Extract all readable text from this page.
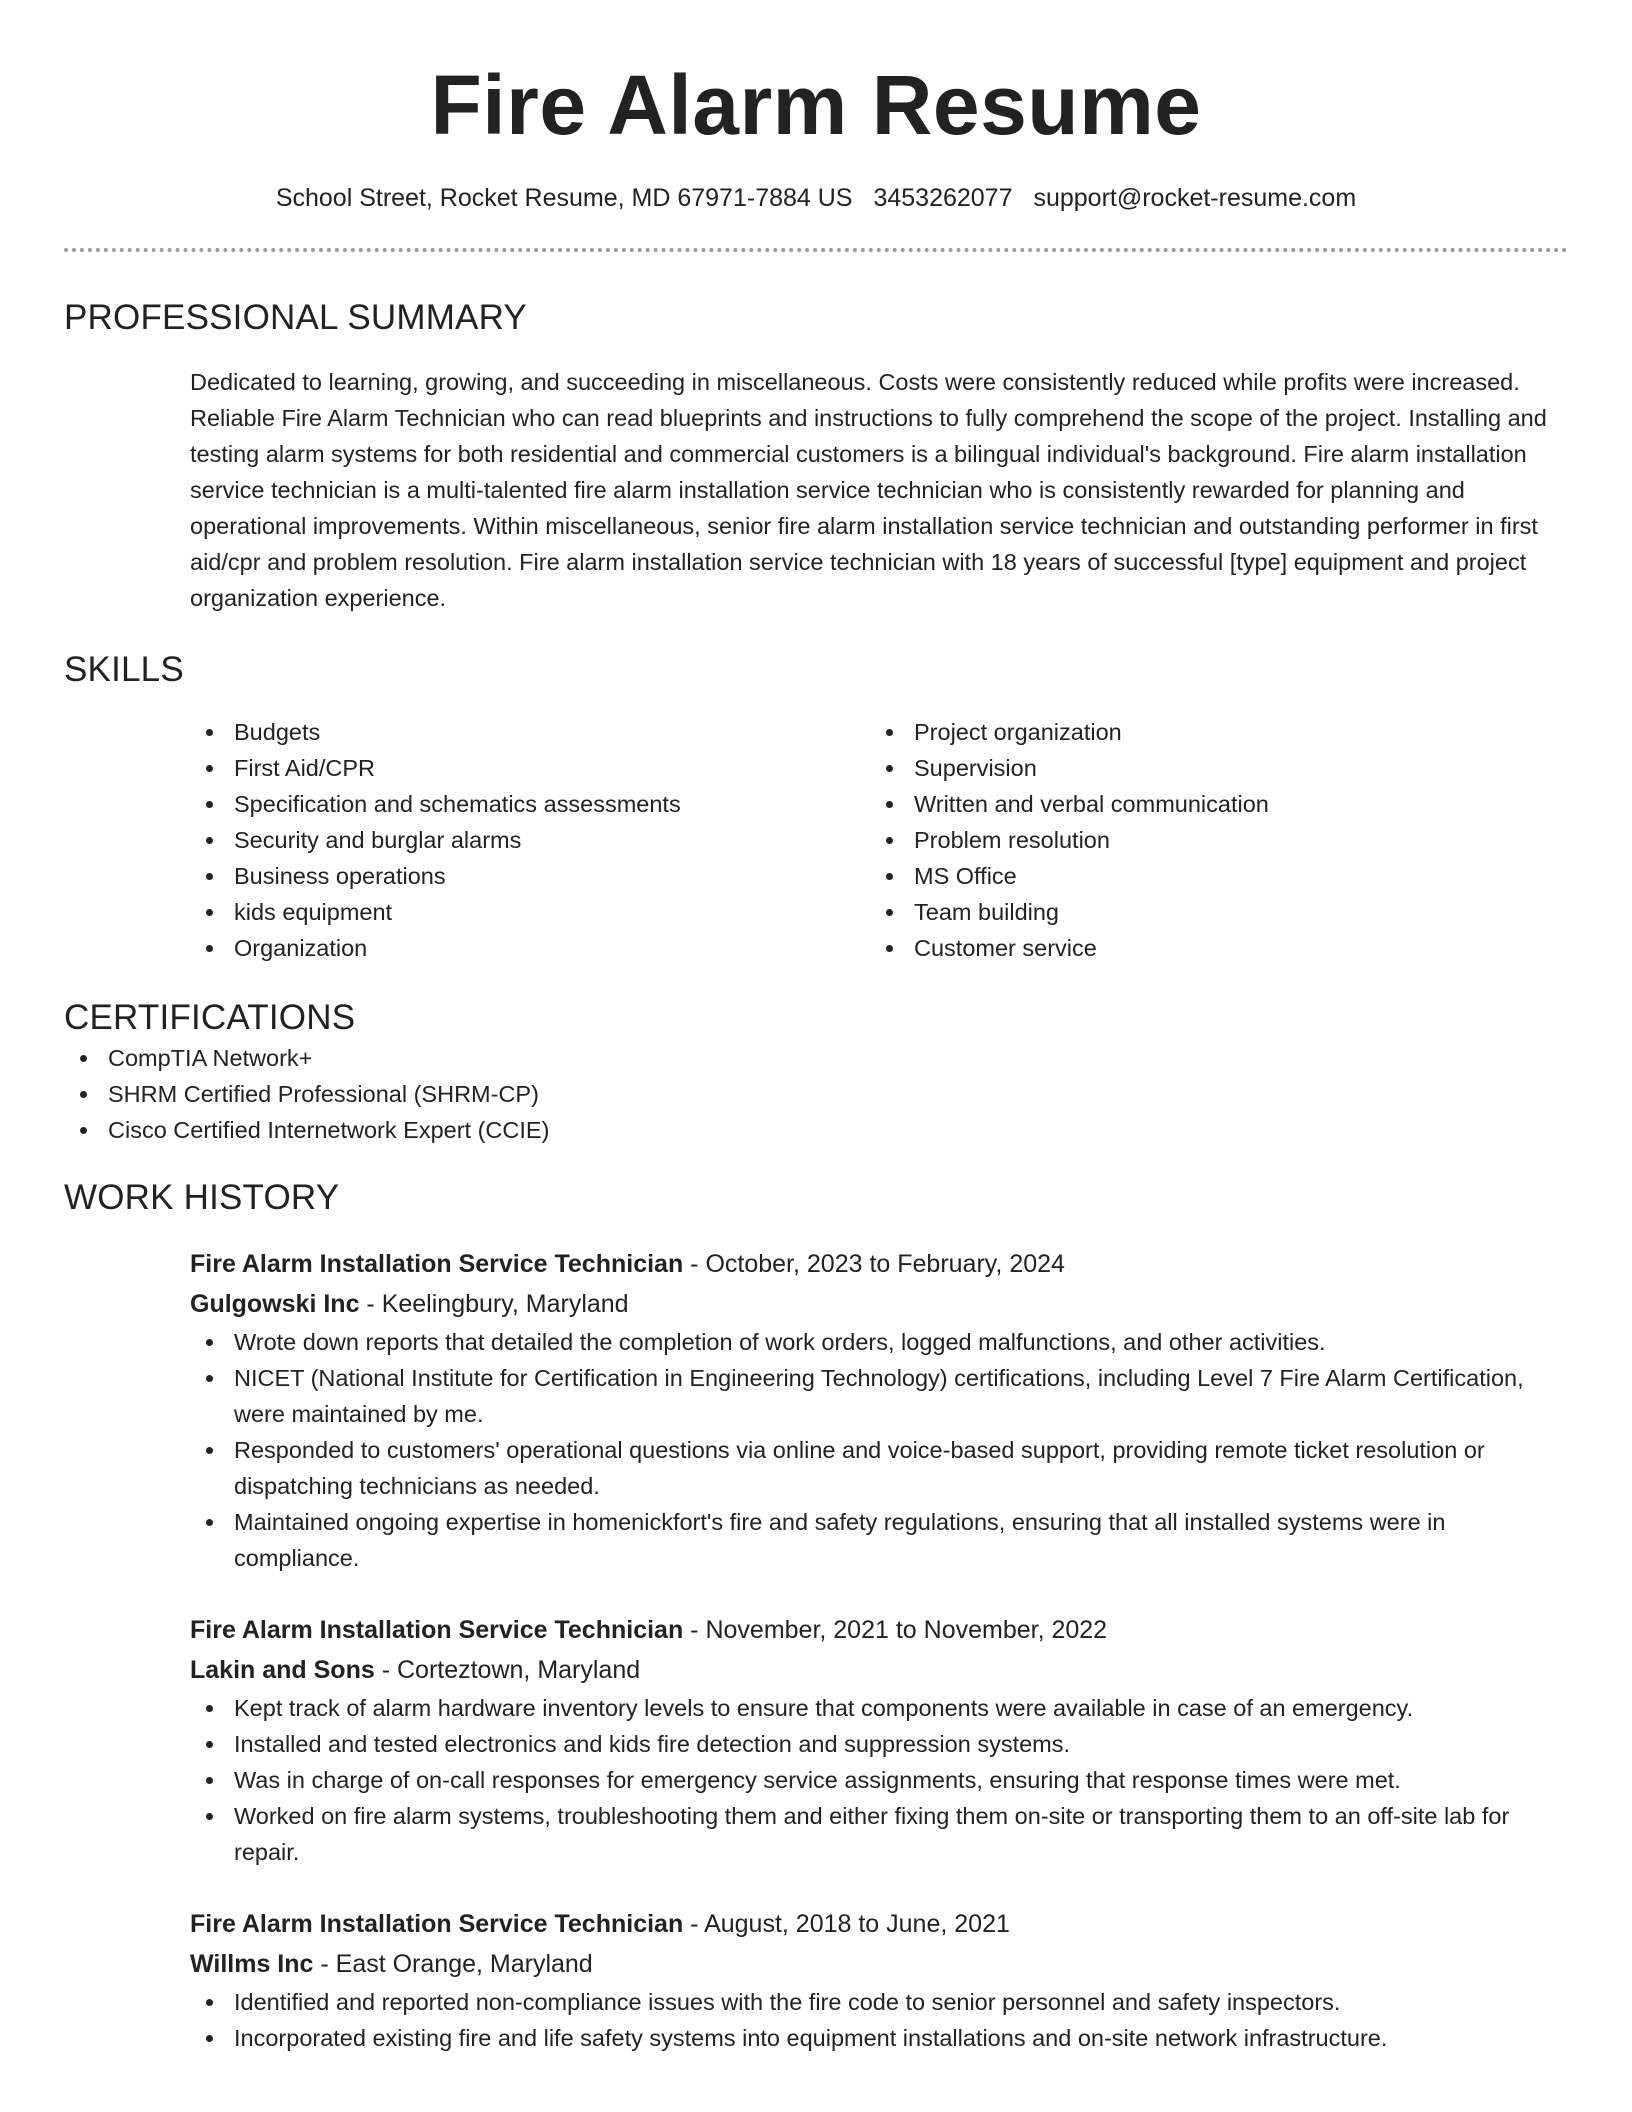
Fire Alarm Resume
School Street, Rocket Resume, MD 67971-7884 US 3453262077 support@rocket-resume.com
PROFESSIONAL SUMMARY
Dedicated to learning, growing, and succeeding in miscellaneous. Costs were consistently reduced while profits were increased. Reliable Fire Alarm Technician who can read blueprints and instructions to fully comprehend the scope of the project. Installing and testing alarm systems for both residential and commercial customers is a bilingual individual's background. Fire alarm installation service technician is a multi-talented fire alarm installation service technician who is consistently rewarded for planning and operational improvements. Within miscellaneous, senior fire alarm installation service technician and outstanding performer in first aid/cpr and problem resolution. Fire alarm installation service technician with 18 years of successful [type] equipment and project organization experience.
SKILLS
Budgets
First Aid/CPR
Specification and schematics assessments
Security and burglar alarms
Business operations
kids equipment
Organization
Project organization
Supervision
Written and verbal communication
Problem resolution
MS Office
Team building
Customer service
CERTIFICATIONS
CompTIA Network+
SHRM Certified Professional (SHRM-CP)
Cisco Certified Internetwork Expert (CCIE)
WORK HISTORY
Fire Alarm Installation Service Technician - October, 2023 to February, 2024
Gulgowski Inc - Keelingbury, Maryland
Wrote down reports that detailed the completion of work orders, logged malfunctions, and other activities.
NICET (National Institute for Certification in Engineering Technology) certifications, including Level 7 Fire Alarm Certification, were maintained by me.
Responded to customers' operational questions via online and voice-based support, providing remote ticket resolution or dispatching technicians as needed.
Maintained ongoing expertise in homenickfort's fire and safety regulations, ensuring that all installed systems were in compliance.
Fire Alarm Installation Service Technician - November, 2021 to November, 2022
Lakin and Sons - Corteztown, Maryland
Kept track of alarm hardware inventory levels to ensure that components were available in case of an emergency.
Installed and tested electronics and kids fire detection and suppression systems.
Was in charge of on-call responses for emergency service assignments, ensuring that response times were met.
Worked on fire alarm systems, troubleshooting them and either fixing them on-site or transporting them to an off-site lab for repair.
Fire Alarm Installation Service Technician - August, 2018 to June, 2021
Willms Inc - East Orange, Maryland
Identified and reported non-compliance issues with the fire code to senior personnel and safety inspectors.
Incorporated existing fire and life safety systems into equipment installations and on-site network infrastructure.
